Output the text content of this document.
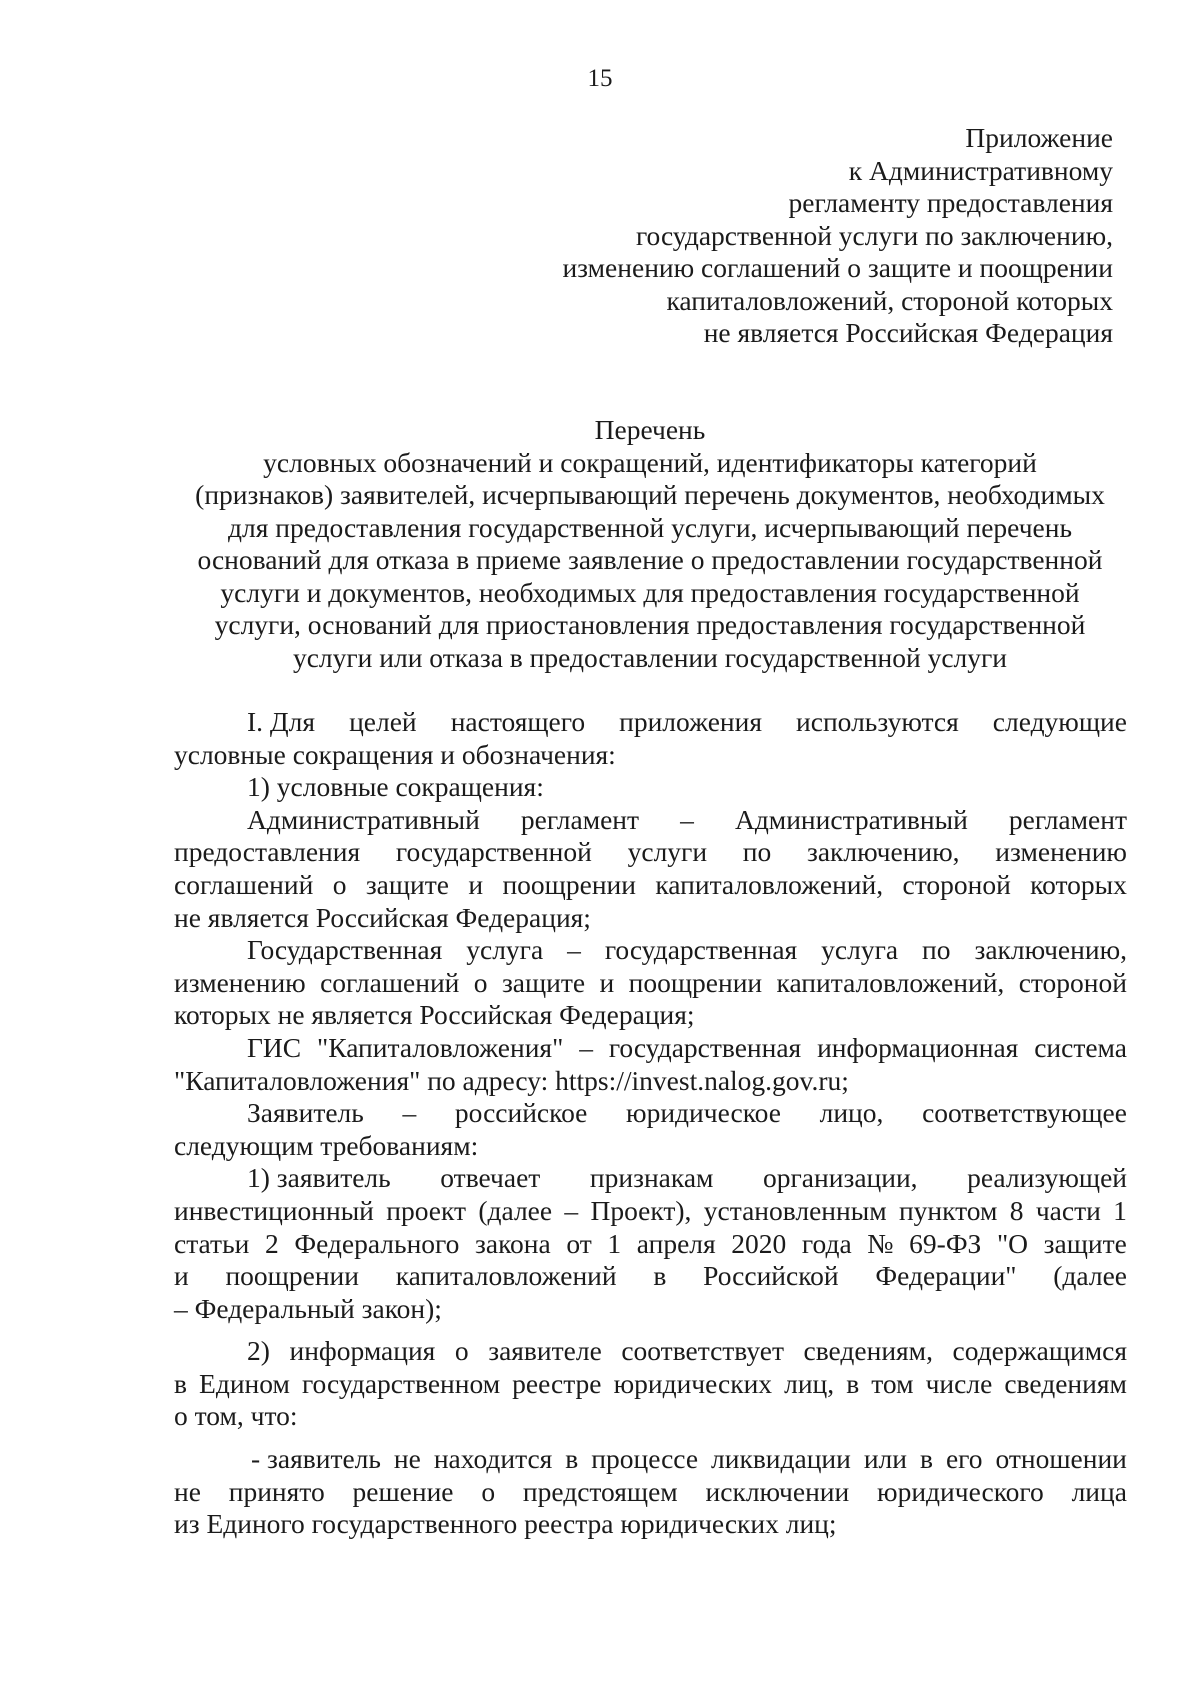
15
Приложение
к Административному
регламенту предоставления
государственной услуги по заключению,
изменению соглашений о защите и поощрении
капиталовложений, стороной которых
не является Российская Федерация
Перечень
условных обозначений и сокращений, идентификаторы категорий
(признаков) заявителей, исчерпывающий перечень документов, необходимых
для предоставления государственной услуги, исчерпывающий перечень
оснований для отказа в приеме заявление о предоставлении государственной
услуги и документов, необходимых для предоставления государственной
услуги, оснований для приостановления предоставления государственной
услуги или отказа в предоставлении государственной услуги
I. Для целей настоящего приложения используются следующие
условные сокращения и обозначения:
1) условные сокращения:
Административный регламент – Административный регламент
предоставления государственной услуги по заключению, изменению
соглашений о защите и поощрении капиталовложений, стороной которых
не является Российская Федерация;
Государственная услуга – государственная услуга по заключению,
изменению соглашений о защите и поощрении капиталовложений, стороной
которых не является Российская Федерация;
ГИС "Капиталовложения" – государственная информационная система
"Капиталовложения" по адресу: https://invest.nalog.gov.ru;
Заявитель – российское юридическое лицо, соответствующее
следующим требованиям:
1) заявитель отвечает признакам организации, реализующей
инвестиционный проект (далее – Проект), установленным пунктом 8 части 1
статьи 2 Федерального закона от 1 апреля 2020 года № 69-ФЗ "О защите
и поощрении капиталовложений в Российской Федерации" (далее
– Федеральный закон);
2) информация о заявителе соответствует сведениям, содержащимся
в Едином государственном реестре юридических лиц, в том числе сведениям
о том, что:
- заявитель не находится в процессе ликвидации или в его отношении
не принято решение о предстоящем исключении юридического лица
из Единого государственного реестра юридических лиц;
